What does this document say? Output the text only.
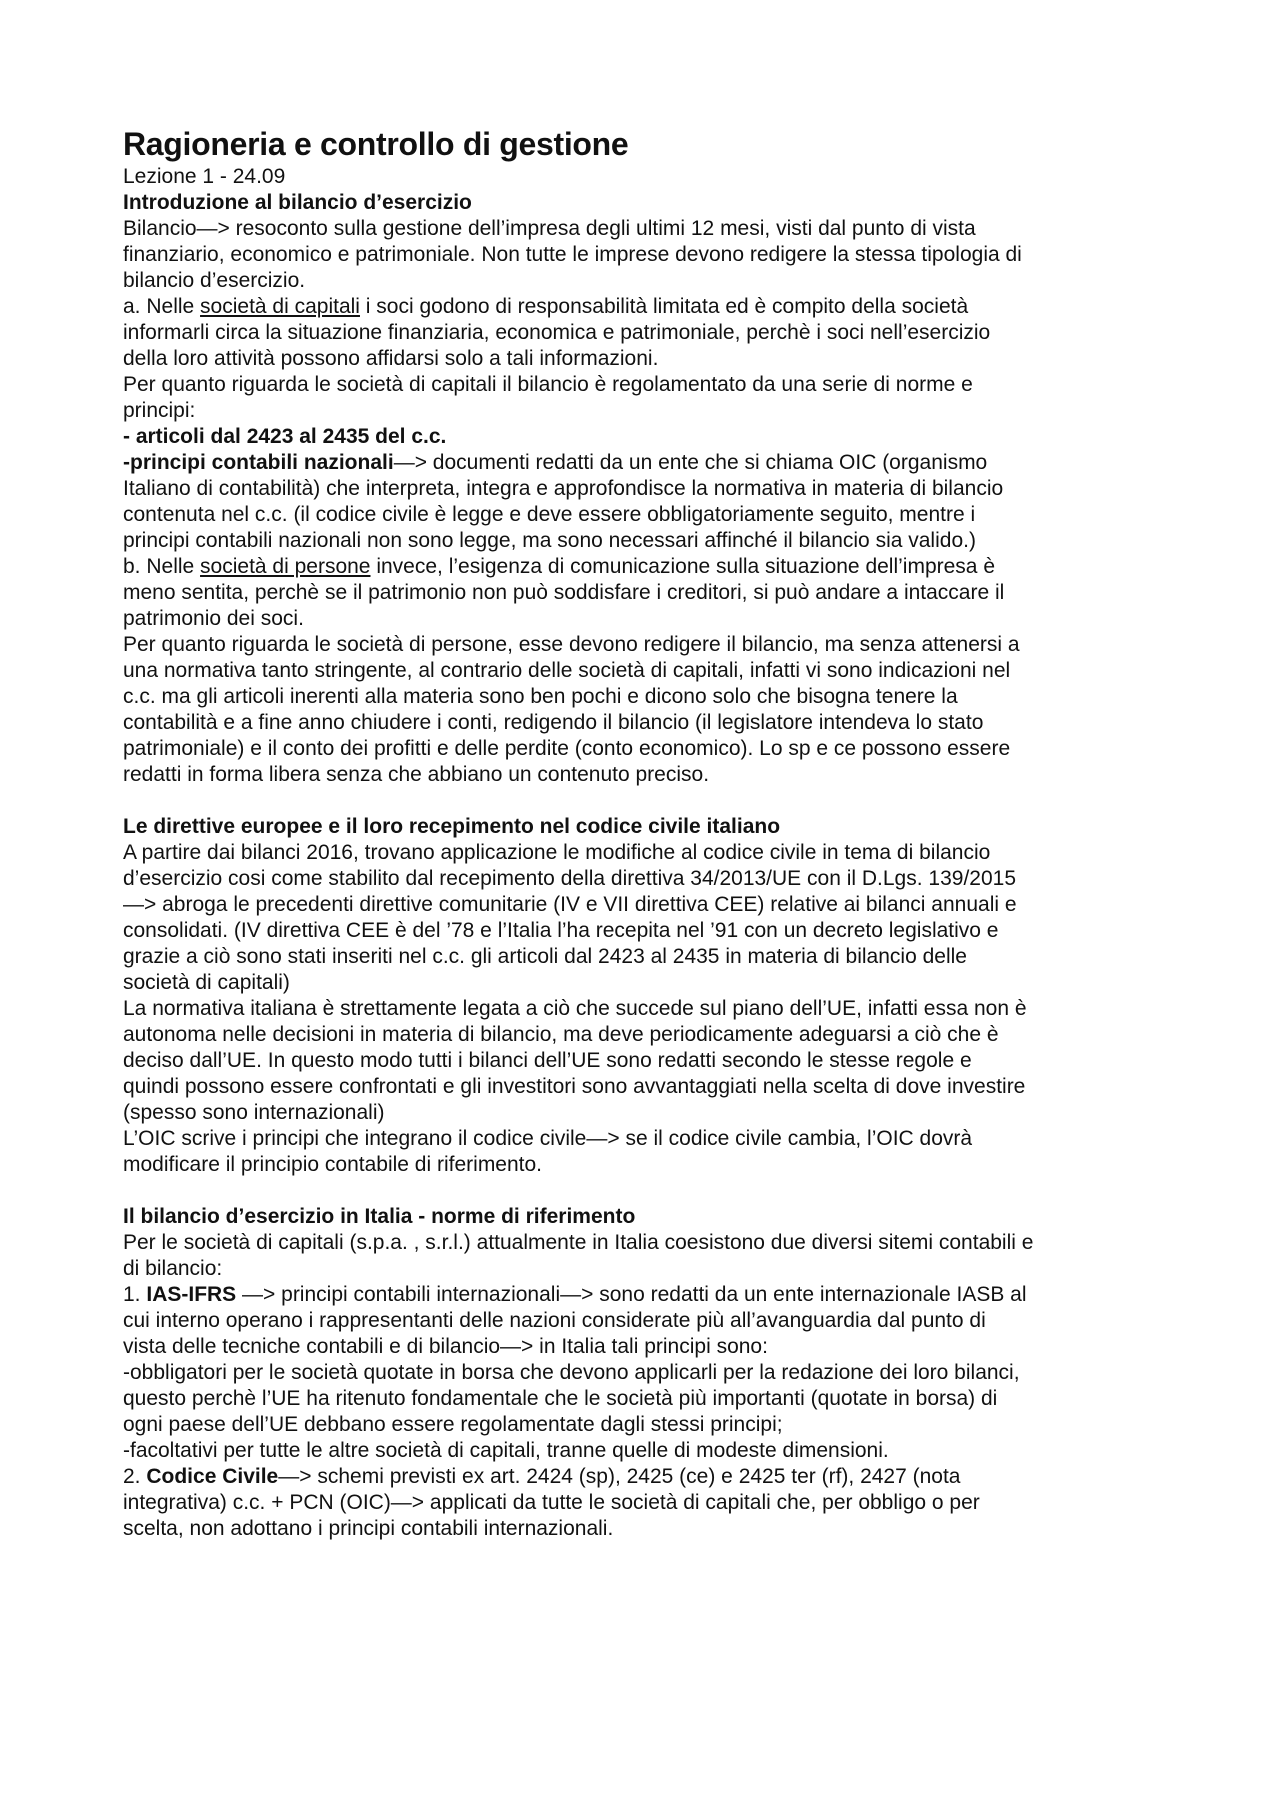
Ragioneria e controllo di gestione

Lezione 1 - 24.09

Introduzione al bilancio d’esercizio

Bilancio—> resoconto sulla gestione dell’impresa degli ultimi 12 mesi, visti dal punto di vista

finanziario, economico e patrimoniale. Non tutte le imprese devono redigere la stessa tipologia di

bilancio d’esercizio.

a. Nelle società di capitali i soci godono di responsabilità limitata ed è compito della società

informarli circa la situazione finanziaria, economica e patrimoniale, perchè i soci nell’esercizio

della loro attività possono affidarsi solo a tali informazioni.

Per quanto riguarda le società di capitali il bilancio è regolamentato da una serie di norme e

principi:

- articoli dal 2423 al 2435 del c.c.

-principi contabili nazionali—> documenti redatti da un ente che si chiama OIC (organismo

Italiano di contabilità) che interpreta, integra e approfondisce la normativa in materia di bilancio

contenuta nel c.c. (il codice civile è legge e deve essere obbligatoriamente seguito, mentre i

principi contabili nazionali non sono legge, ma sono necessari affinché il bilancio sia valido.)

b. Nelle società di persone invece, l’esigenza di comunicazione sulla situazione dell’impresa è

meno sentita, perchè se il patrimonio non può soddisfare i creditori, si può andare a intaccare il

patrimonio dei soci.

Per quanto riguarda le società di persone, esse devono redigere il bilancio, ma senza attenersi a

una normativa tanto stringente, al contrario delle società di capitali, infatti vi sono indicazioni nel

c.c. ma gli articoli inerenti alla materia sono ben pochi e dicono solo che bisogna tenere la

contabilità e a fine anno chiudere i conti, redigendo il bilancio (il legislatore intendeva lo stato

patrimoniale) e il conto dei profitti e delle perdite (conto economico). Lo sp e ce possono essere

redatti in forma libera senza che abbiano un contenuto preciso.

Le direttive europee e il loro recepimento nel codice civile italiano

A partire dai bilanci 2016, trovano applicazione le modifiche al codice civile in tema di bilancio

d’esercizio cosi come stabilito dal recepimento della direttiva 34/2013/UE con il D.Lgs. 139/2015

—> abroga le precedenti direttive comunitarie (IV e VII direttiva CEE) relative ai bilanci annuali e

consolidati. (IV direttiva CEE è del ’78 e l’Italia l’ha recepita nel ’91 con un decreto legislativo e

grazie a ciò sono stati inseriti nel c.c. gli articoli dal 2423 al 2435 in materia di bilancio delle

società di capitali)

La normativa italiana è strettamente legata a ciò che succede sul piano dell’UE, infatti essa non è

autonoma nelle decisioni in materia di bilancio, ma deve periodicamente adeguarsi a ciò che è

deciso dall’UE. In questo modo tutti i bilanci dell’UE sono redatti secondo le stesse regole e

quindi possono essere confrontati e gli investitori sono avvantaggiati nella scelta di dove investire

(spesso sono internazionali)

L’OIC scrive i principi che integrano il codice civile—> se il codice civile cambia, l’OIC dovrà

modificare il principio contabile di riferimento.

Il bilancio d’esercizio in Italia - norme di riferimento

Per le società di capitali (s.p.a. , s.r.l.) attualmente in Italia coesistono due diversi sitemi contabili e

di bilancio:

1. IAS-IFRS —> principi contabili internazionali—> sono redatti da un ente internazionale IASB al

cui interno operano i rappresentanti delle nazioni considerate più all’avanguardia dal punto di

vista delle tecniche contabili e di bilancio—> in Italia tali principi sono:

-obbligatori per le società quotate in borsa che devono applicarli per la redazione dei loro bilanci,

questo perchè l’UE ha ritenuto fondamentale che le società più importanti (quotate in borsa) di

ogni paese dell’UE debbano essere regolamentate dagli stessi principi;

-facoltativi per tutte le altre società di capitali, tranne quelle di modeste dimensioni.

2. Codice Civile—> schemi previsti ex art. 2424 (sp), 2425 (ce) e 2425 ter (rf), 2427 (nota

integrativa) c.c. + PCN (OIC)—> applicati da tutte le società di capitali che, per obbligo o per

scelta, non adottano i principi contabili internazionali.
